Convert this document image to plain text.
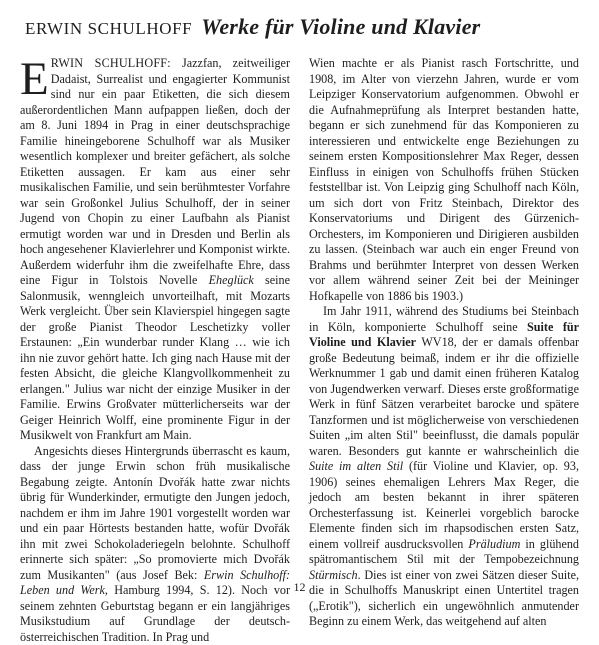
ERWIN SCHULHOFF Werke für Violine und Klavier

ERWIN SCHULHOFF: Jazzfan, zeitweiliger Dadaist, Surrealist und engagierter Kommunist sind nur ein paar Etiketten, die sich diesem außerordentlichen Mann aufpappen ließen, doch der am 8. Juni 1894 in Prag in einer deutschsprachige Familie hineingeborene Schulhoff war als Musiker wesentlich komplexer und breiter gefächert, als solche Etiketten aussagen. Er kam aus einer sehr musikalischen Familie, und sein berühmtester Vorfahre war sein Großonkel Julius Schulhoff, der in seiner Jugend von Chopin zu einer Laufbahn als Pianist ermutigt worden war und in Dresden und Berlin als hoch angesehener Klavierlehrer und Komponist wirkte. Außerdem widerfuhr ihm die zweifelhafte Ehre, dass eine Figur in Tolstois Novelle Ehеglück seine Salonmusik, wenngleich unvorteilhaft, mit Mozarts Werk vergleicht. Über sein Klavierspiel hingegen sagte der große Pianist Theodor Leschetizky voller Erstaunen: „Ein wunderbar runder Klang … wie ich ihn nie zuvor gehört hatte. Ich ging nach Hause mit der festen Absicht, die gleiche Klangvollkommenheit zu erlangen." Julius war nicht der einzige Musiker in der Familie. Erwins Großvater mütterlicherseits war der Geiger Heinrich Wolff, eine prominente Figur in der Musikwelt von Frankfurt am Main.

Angesichts dieses Hintergrunds überrascht es kaum, dass der junge Erwin schon früh musikalische Begabung zeigte. Antonín Dvořák hatte zwar nichts übrig für Wunderkinder, ermutigte den Jungen jedoch, nachdem er ihm im Jahre 1901 vorgestellt worden war und ein paar Hörtests bestanden hatte, wofür Dvořák ihn mit zwei Schokoladeriegeln belohnte. Schulhoff erinnerte sich später: „So promovierte mich Dvořák zum Musikanten" (aus Josef Bek: Erwin Schulhoff: Leben und Werk, Hamburg 1994, S. 12). Noch vor seinem zehnten Geburtstag begann er ein langjähriges Musikstudium auf Grundlage der deutsch-österreichischen Tradition. In Prag und

Wien machte er als Pianist rasch Fortschritte, und 1908, im Alter von vierzehn Jahren, wurde er vom Leipziger Konservatorium aufgenommen. Obwohl er die Aufnahmeprüfung als Interpret bestanden hatte, begann er sich zunehmend für das Komponieren zu interessieren und entwickelte enge Beziehungen zu seinem ersten Kompositionslehrer Max Reger, dessen Einfluss in einigen von Schulhoffs frühen Stücken feststellbar ist. Von Leipzig ging Schulhoff nach Köln, um sich dort von Fritz Steinbach, Direktor des Konservatoriums und Dirigent des Gürzenich-Orchesters, im Komponieren und Dirigieren ausbilden zu lassen. (Steinbach war auch ein enger Freund von Brahms und berühmter Interpret von dessen Werken vor allem während seiner Zeit bei der Meininger Hofkapelle von 1886 bis 1903.)

Im Jahr 1911, während des Studiums bei Steinbach in Köln, komponierte Schulhoff seine Suite für Violine und Klavier WV18, der er damals offenbar große Bedeutung beimaß, indem er ihr die offizielle Werknummer 1 gab und damit einen früheren Katalog von Jugendwerken verwarf. Dieses erste großformatige Werk in fünf Sätzen verarbeitet barocke und spätere Tanzformen und ist möglicherweise von verschiedenen Suiten „im alten Stil" beeinflusst, die damals populär waren. Besonders gut kannte er wahrscheinlich die Suite im alten Stil (für Violine und Klavier, op. 93, 1906) seines ehemaligen Lehrers Max Reger, die jedoch am besten bekannt in ihrer späteren Orchesterfassung ist. Keinerlei vorgeblich barocke Elemente finden sich im rhapsodischen ersten Satz, einem vollreif ausdrucksvollen Präludium in glühend spätromantischem Stil mit der Tempobezeichnung Stürmisch. Dies ist einer von zwei Sätzen dieser Suite, die in Schulhoffs Manuskript einen Untertitel tragen („Erotik"), sicherlich ein ungewöhnlich anmutender Beginn zu einem Werk, das weitgehend auf alten

12
